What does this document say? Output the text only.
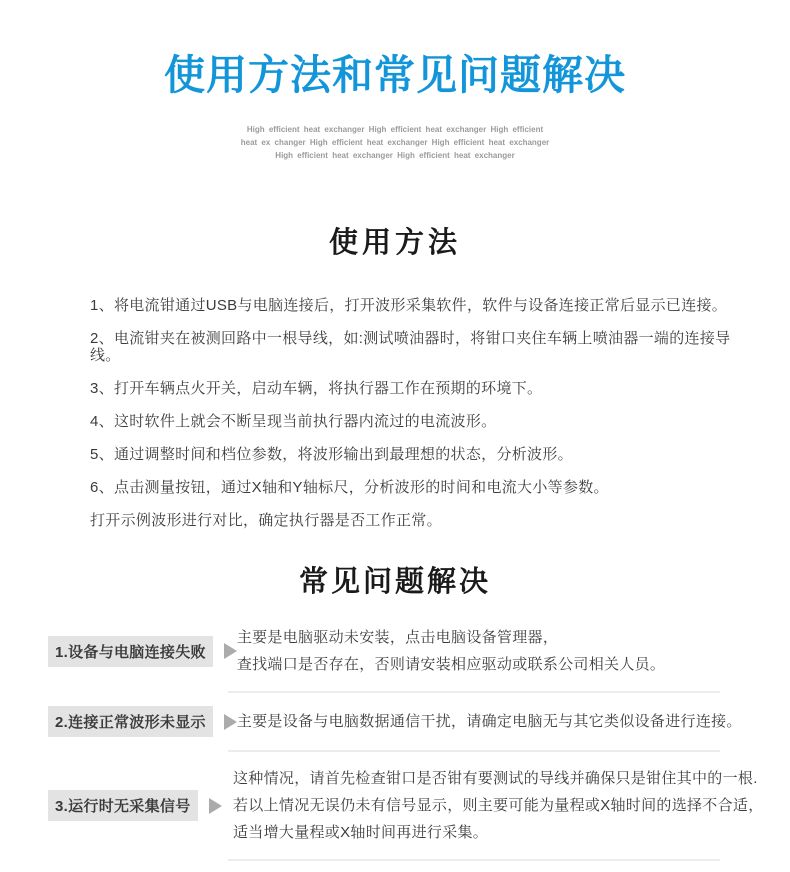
使用方法和常见问题解决

High efficient heat exchanger High efficient heat exchanger High efficient heat ex changer High efficient heat exchanger High efficient heat exchanger High efficient heat exchanger High efficient heat exchanger

使用方法

1、将电流钳通过USB与电脑连接后，打开波形采集软件，软件与设备连接正常后显示已连接。

2、电流钳夹在被测回路中一根导线，如:测试喷油器时，将钳口夹住车辆上喷油器一端的连接导线。

3、打开车辆点火开关，启动车辆，将执行器工作在预期的环境下。

4、这时软件上就会不断呈现当前执行器内流过的电流波形。

5、通过调整时间和档位参数，将波形输出到最理想的状态，分析波形。

6、点击测量按钮，通过X轴和Y轴标尺，分析波形的时间和电流大小等参数。

打开示例波形进行对比，确定执行器是否工作正常。

常见问题解决
1.设备与电脑连接失败
主要是电脑驱动未安装，点击电脑设备管理器，
查找端口是否存在，否则请安装相应驱动或联系公司相关人员。
2.连接正常波形未显示	主要是设备与电脑数据通信干扰，请确定电脑无与其它类似设备进行连接。
3.运行时无采集信号
这种情况，请首先检查钳口是否钳有要测试的导线并确保只是钳住其中的一根.
若以上情况无误仍未有信号显示，则主要可能为量程或X轴时间的选择不合适，
适当增大量程或X轴时间再进行采集。
